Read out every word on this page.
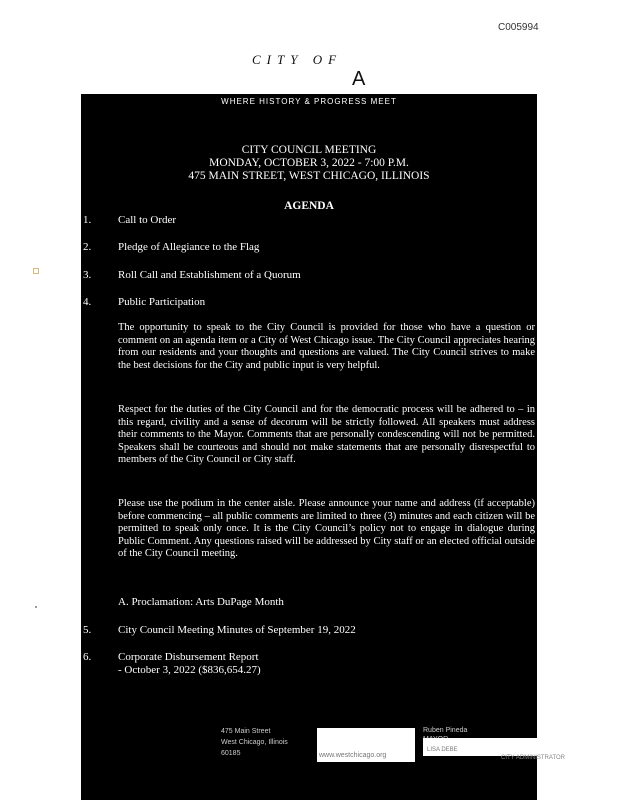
C005994
CITY OF
A
WHERE HISTORY & PROGRESS MEET
CITY COUNCIL MEETING
MONDAY, OCTOBER 3, 2022 - 7:00 P.M.
475 MAIN STREET, WEST CHICAGO, ILLINOIS
AGENDA
1. Call to Order
2. Pledge of Allegiance to the Flag
3. Roll Call and Establishment of a Quorum
4. Public Participation
The opportunity to speak to the City Council is provided for those who have a question or comment on an agenda item or a City of West Chicago issue. The City Council appreciates hearing from our residents and your thoughts and questions are valued. The City Council strives to make the best decisions for the City and public input is very helpful.
Respect for the duties of the City Council and for the democratic process will be adhered to – in this regard, civility and a sense of decorum will be strictly followed. All speakers must address their comments to the Mayor. Comments that are personally condescending will not be permitted. Speakers shall be courteous and should not make statements that are personally disrespectful to members of the City Council or City staff.
Please use the podium in the center aisle. Please announce your name and address (if acceptable) before commencing – all public comments are limited to three (3) minutes and each citizen will be permitted to speak only once. It is the City Council’s policy not to engage in dialogue during Public Comment. Any questions raised will be addressed by City staff or an elected official outside of the City Council meeting.
A. Proclamation: Arts DuPage Month
5. City Council Meeting Minutes of September 19, 2022
6. Corporate Disbursement Report
- October 3, 2022 ($836,654.27)
475 Main Street
West Chicago, Illinois
60185	www.westchicago.org
Ruben Pineda
LISA DEBE
CITY ADMINISTRATOR
